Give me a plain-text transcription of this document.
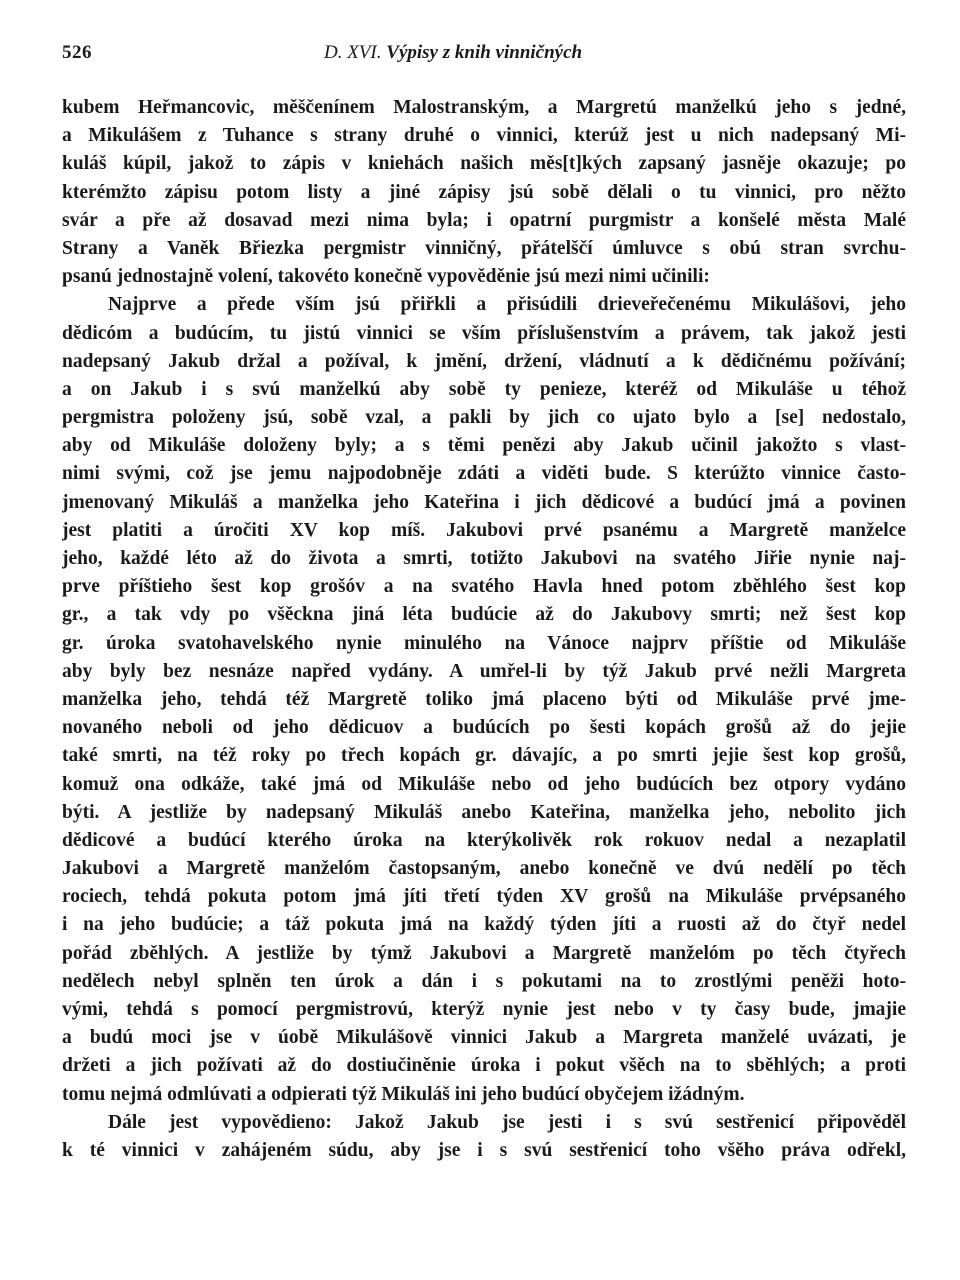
526	D. XVI. Výpisy z knih vinničných
kubem Heřmancovic, měščenínem Malostranským, a Margretú manželkú jeho s jedné,
a Mikulášem z Tuhance s strany druhé o vinnici, kterúž jest u nich nadepsaný Mi-
kuláš kúpil, jakož to zápis v kniehách našich měs[t]kých zapsaný jasněje okazuje; po
kterémžto zápisu potom listy a jiné zápisy jsú sobě dělali o tu vinnici, pro něžto
svár a pře až dosavad mezi nima byla; i opatrní purgmistr a konšelé města Malé
Strany a Vaněk Břiezka pergmistr vinničný, přátelščí úmluvce s obú stran svrchu-
psanú jednostajně volení, takovéto konečně vypověděnie jsú mezi nimi učinili:
Najprve a přede vším jsú přiřkli a přisúdili drieveřečenému Mikulášovi, jeho
dědicóm a budúcím, tu jistú vinnici se vším příslušenstvím a právem, tak jakož jesti
nadepsaný Jakub držal a požíval, k jmění, držení, vládnutí a k dědičnému požívání;
a on Jakub i s svú manželkú aby sobě ty penieze, kteréž od Mikuláše u téhož
pergmistra položeny jsú, sobě vzal, a pakli by jich co ujato bylo a [se] nedostalo,
aby od Mikuláše doloženy byly; a s těmi penězi aby Jakub učinil jakožto s vlast-
nimi svými, což jse jemu najpodobněje zdáti a viděti bude. S kterúžto vinnice často-
jmenovaný Mikuláš a manželka jeho Kateřina i jich dědicové a budúcí jmá a povinen
jest platiti a úročiti XV kop míš. Jakubovi prvé psanému a Margretě manželce
jeho, každé léto až do života a smrti, totižto Jakubovi na svatého Jiřie nynie naj-
prve příštieho šest kop grošóv a na svatého Havla hned potom zběhlého šest kop
gr., a tak vdy po všěckna jiná léta budúcie až do Jakubovy smrti; než šest kop
gr. úroka svatohavelského nynie minulého na Vánoce najprv příštie od Mikuláše
aby byly bez nesnáze napřed vydány. A umřel-li by týž Jakub prvé nežli Margreta
manželka jeho, tehdá též Margretě toliko jmá placeno býti od Mikuláše prvé jme-
novaného neboli od jeho dědicuov a budúcích po šesti kopách grošů až do jejie
také smrti, na též roky po třech kopách gr. dávajíc, a po smrti jejie šest kop grošů,
komuž ona odkáže, také jmá od Mikuláše nebo od jeho budúcích bez otpory vydáno
býti. A jestliže by nadepsaný Mikuláš anebo Kateřina, manželka jeho, nebolito jich
dědicové a budúcí kterého úroka na kterýkolivěk rok rokuov nedal a nezaplatil
Jakubovi a Margretě manželóm častopsaným, anebo konečně ve dvú nedělí po těch
rociech, tehdá pokuta potom jmá jíti třetí týden XV grošů na Mikuláše prvépsaného
i na jeho budúcie; a táž pokuta jmá na každý týden jíti a ruosti až do čtyř nedel
pořád zběhlých. A jestliže by týmž Jakubovi a Margretě manželóm po těch čtyřech
nedělech nebyl splněn ten úrok a dán i s pokutami na to zrostlými peněži hoto-
vými, tehdá s pomocí pergmistrovú, kterýž nynie jest nebo v ty časy bude, jmajie
a budú moci jse v úobě Mikulášově vinnici Jakub a Margreta manželé uvázati, je
držeti a jich požívati až do dostiučiněnie úroka i pokut všěch na to sběhlých; a proti
tomu nejmá odmlúvati a odpierati týž Mikuláš ini jeho budúcí obyčejem ižádným.
Dále jest vypovědieno: Jakož Jakub jse jesti i s svú sestřenicí připověděl
k té vinnici v zahájeném súdu, aby jse i s svú sestřenicí toho všěho práva odřekl,
